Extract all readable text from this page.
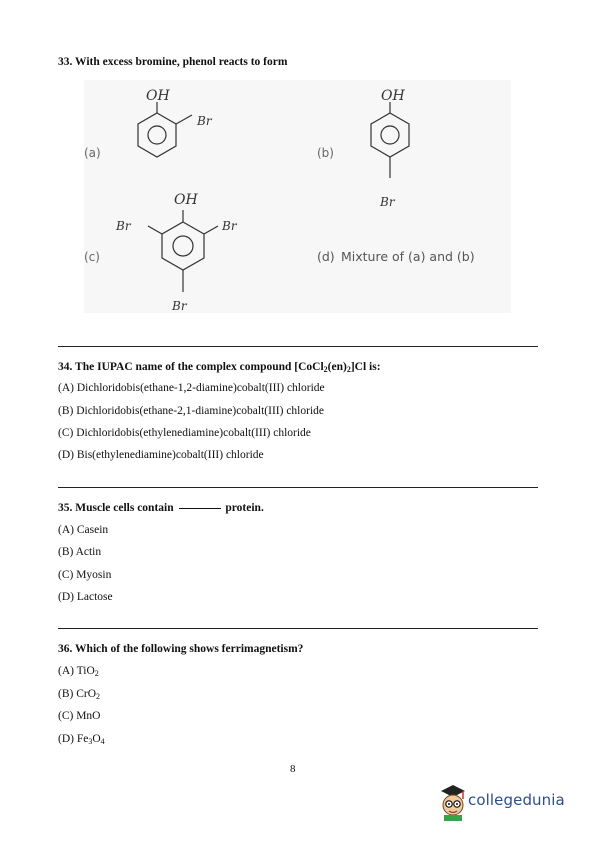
33. With excess bromine, phenol reacts to form
(a)
OH
Br
(b)
OH
Br
(c)
OH
Br	Br
Br
(d) Mixture of (a) and (b)
34. The IUPAC name of the complex compound $[CoCl_2(en)_2]Cl$ is:
(A) Dichloridobis(ethane-1,2-diamine)cobalt(III) chloride
(B) Dichloridobis(ethane-2,1-diamine)cobalt(III) chloride
(C) Dichloridobis(ethylenediamine)cobalt(III) chloride
(D) Bis(ethylenediamine)cobalt(III) chloride
35. Muscle cells contain	protein.
(A) Casein
(B) Actin
(C) Myosin
(D) Lactose
36. Which of the following shows ferrimagnetism?
(A) TiO$_2$
(B) CrO$_2$
(C) MnO
(D) $Fe_3O_4$
8
collegedunia
